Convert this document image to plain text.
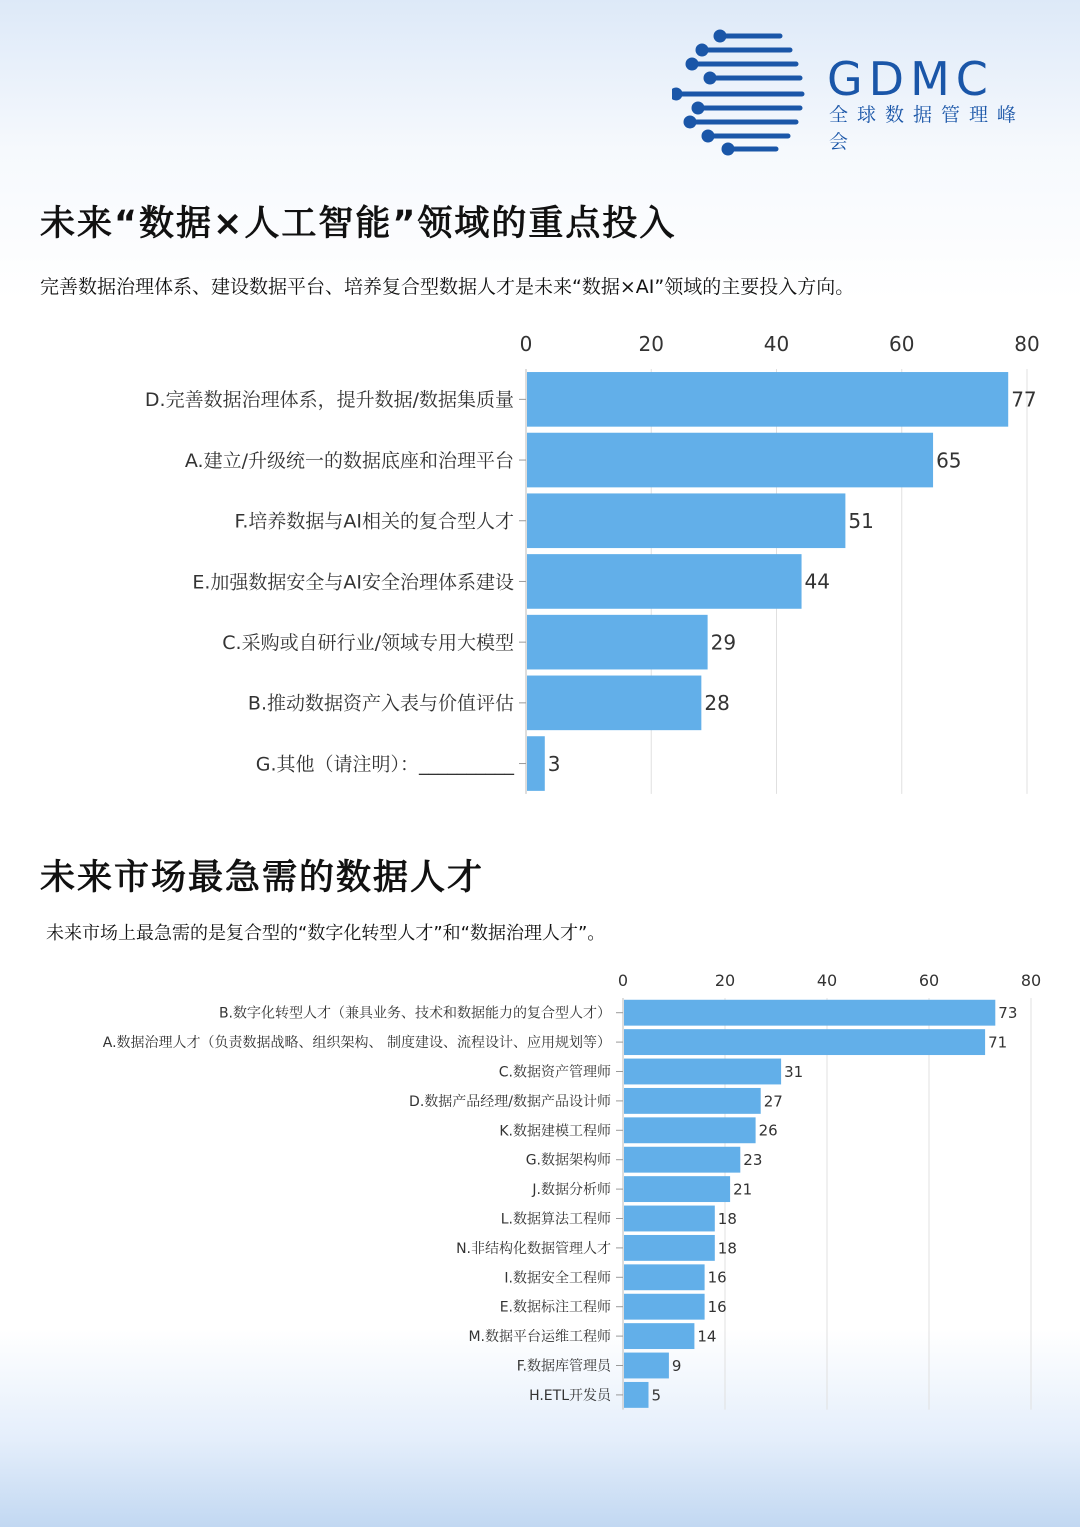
GDMC
全球数据管理峰会
未来“数据×人工智能”领域的重点投入
完善数据治理体系、建设数据平台、培养复合型数据人才是未来“数据×AI”领域的主要投入方向。
0	20	40	60	80
D.完善数据治理体系，提升数据/数据集质量	77
A.建立/升级统一的数据底座和治理平台	65
F.培养数据与AI相关的复合型人才	51
E.加强数据安全与AI安全治理体系建设	44
C.采购或自研行业/领域专用大模型	29
B.推动数据资产入表与价值评估	28
G.其他（请注明）：__________ 3
未来市场最急需的数据人才
未来市场上最急需的是复合型的“数字化转型人才”和“数据治理人才”。
0	20	40	60	80
B.数字化转型人才（兼具业务、技术和数据能力的复合型人才）	73
A.数据治理人才（负责数据战略、组织架构、 制度建设、流程设计、应用规划等）	71
C.数据资产管理师	31
D.数据产品经理/数据产品设计师	27
K.数据建模工程师	26
G.数据架构师	23
J.数据分析师	21
L.数据算法工程师	18
N.非结构化数据管理人才	18
I.数据安全工程师	16
E.数据标注工程师	16
M.数据平台运维工程师	14
F.数据库管理员	9
H.ETL开发员	5
